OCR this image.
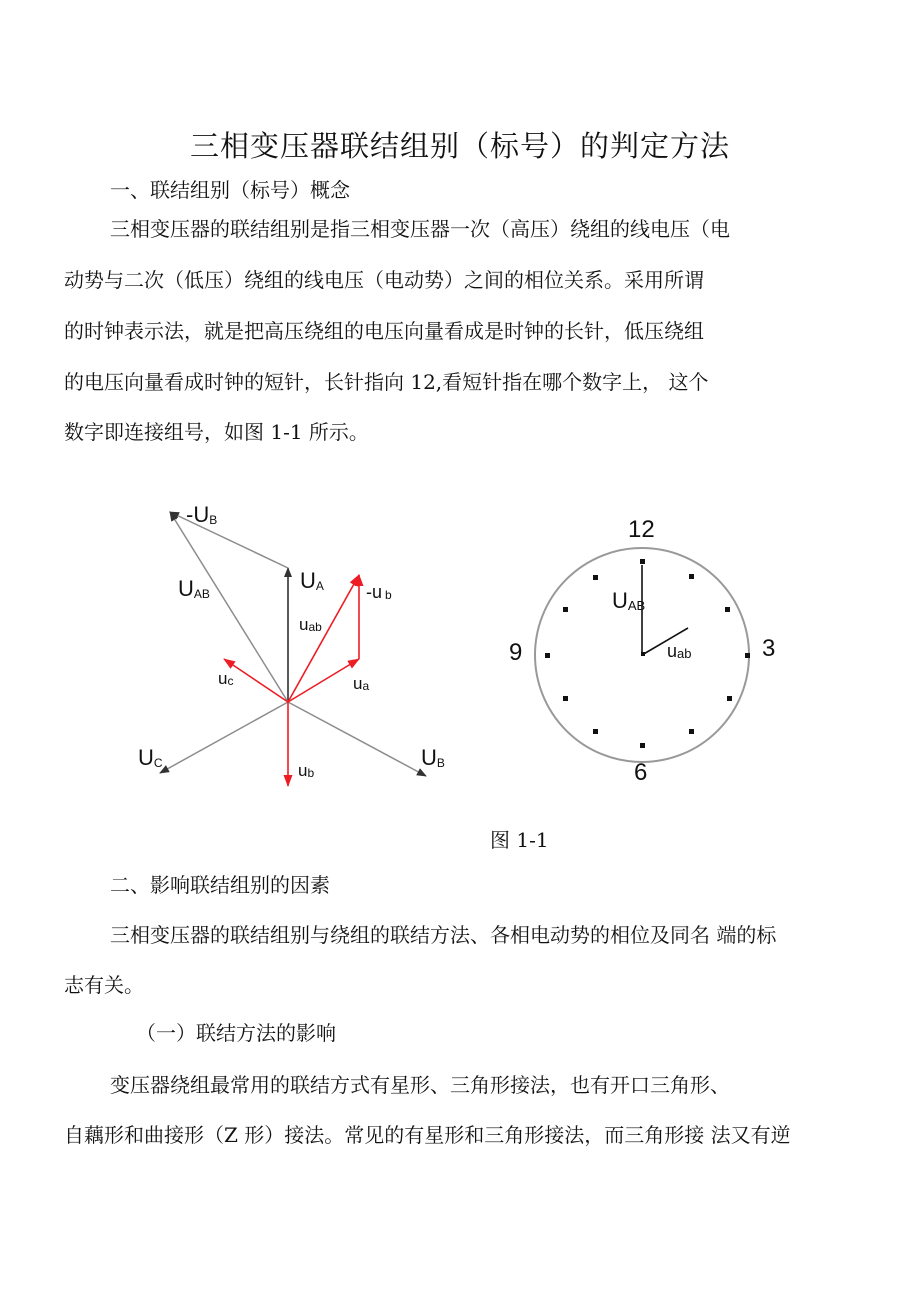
三相变压器联结组别（标号）的判定方法
一、联结组别（标号）概念
三相变压器的联结组别是指三相变压器一次（高压）绕组的线电压（电
动势与二次（低压）绕组的线电压（电动势）之间的相位关系。采用所谓
的时钟表示法，就是把高压绕组的电压向量看成是时钟的长针，低压绕组
的电压向量看成时钟的短针，长针指向 12,看短针指在哪个数字上， 这个
数字即连接组号，如图 1-1 所示。
-UB
UAB
UA -u b
uab
uc	ua
UC	UB
ub
12
3
6
9
UAB
uab
图 1-1
二、影响联结组别的因素
三相变压器的联结组别与绕组的联结方法、各相电动势的相位及同名 端的标
志有关。
（一）联结方法的影响
变压器绕组最常用的联结方式有星形、三角形接法，也有开口三角形、
自藕形和曲接形（Z 形）接法。常见的有星形和三角形接法，而三角形接 法又有逆
